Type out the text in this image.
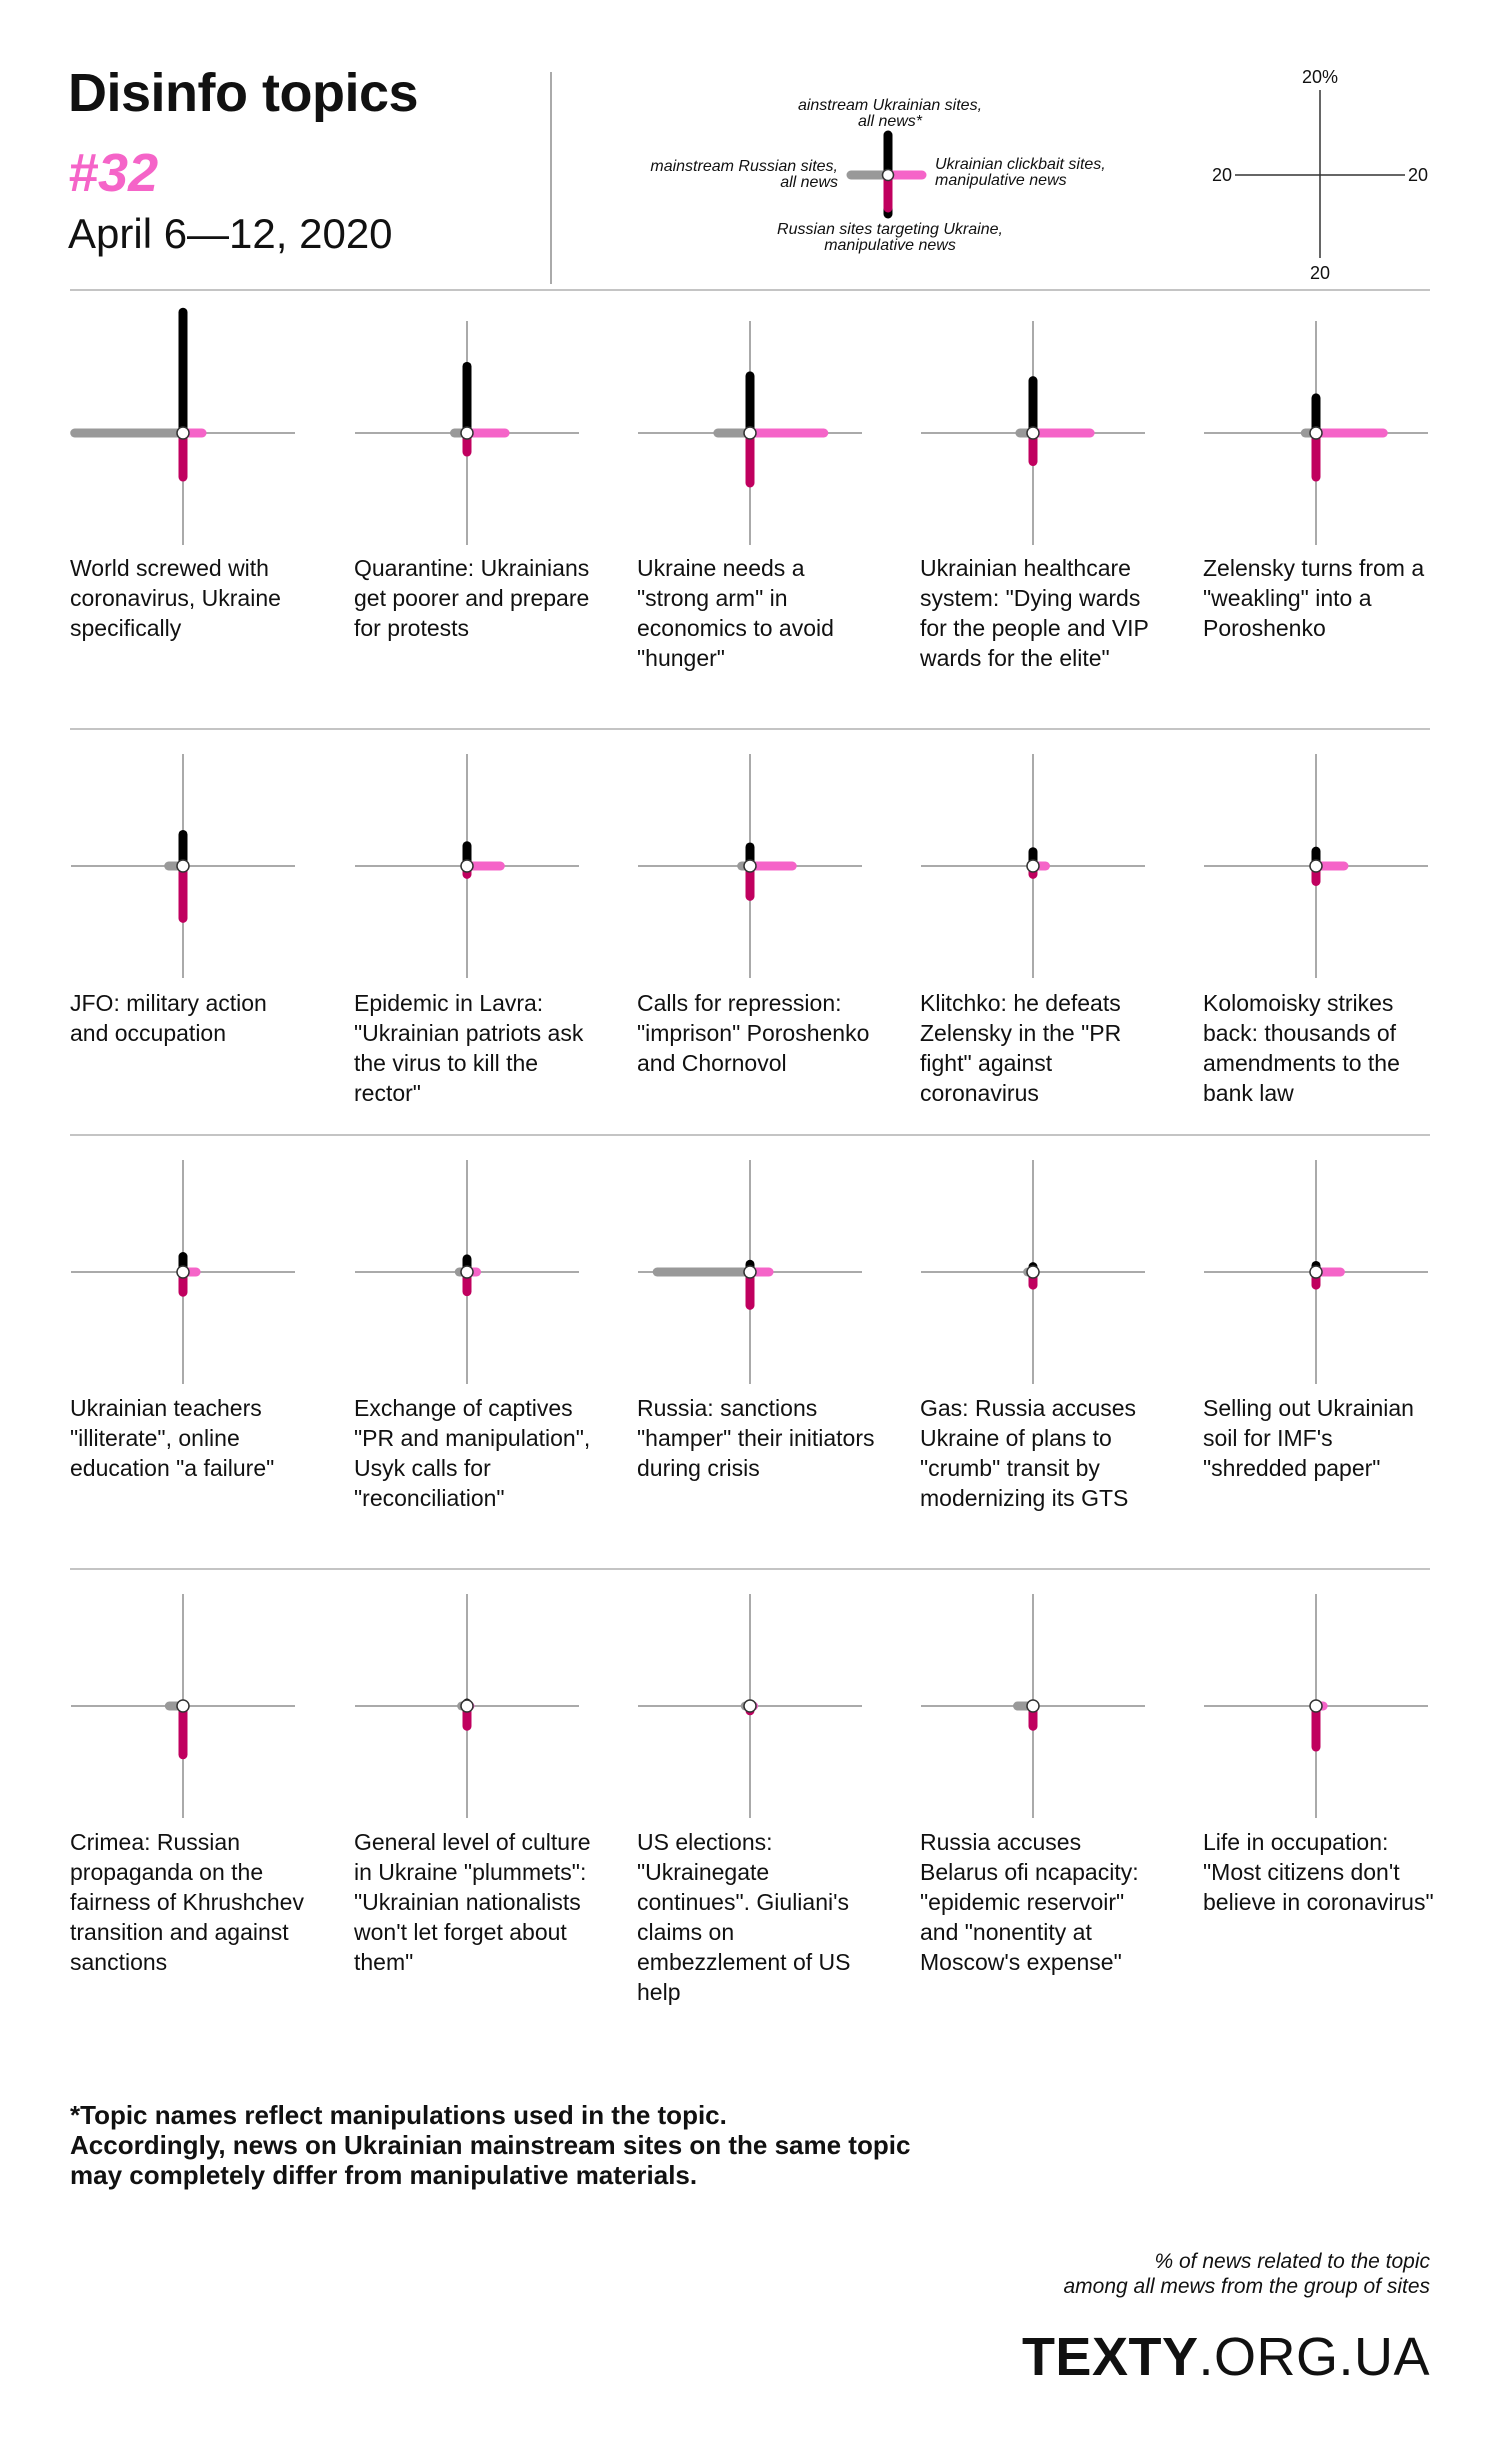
Disinfo topics
#32
April 6—12, 2020
ainstream Ukrainian sites,
all news*
mainstream Russian sites,
all news
Ukrainian clickbait sites,
manipulative news
Russian sites targeting Ukraine,
manipulative news
20%
20	20
20
World screwed with coronavirus, Ukraine specifically
Quarantine: Ukrainians get poorer and prepare for protests
Ukraine needs a "strong arm" in economics to avoid "hunger"
Ukrainian healthcare system: "Dying wards for the people and VIP wards for the elite"
Zelensky turns from a "weakling" into a Poroshenko
JFO: military action and occupation
Epidemic in Lavra: "Ukrainian patriots ask the virus to kill the rector"
Calls for repression: "imprison" Poroshenko and Chornovol
Klitchko: he defeats Zelensky in the "PR fight" against coronavirus
Kolomoisky strikes back: thousands of amendments to the bank law
Ukrainian teachers "illiterate", online education "a failure"
Exchange of captives "PR and manipulation", Usyk calls for "reconciliation"
Russia: sanctions "hamper" their initiators during crisis
Gas: Russia accuses Ukraine of plans to "crumb" transit by modernizing its GTS
Selling out Ukrainian soil for IMF's "shredded paper"
Crimea: Russian propaganda on the fairness of Khrushchev transition and against sanctions
General level of culture in Ukraine "plummets": "Ukrainian nationalists won't let forget about them"
US elections: "Ukrainegate continues". Giuliani's claims on embezzlement of US help
Russia accuses Belarus ofi ncapacity: "epidemic reservoir" and "nonentity at Moscow's expense"
Life in occupation: "Most citizens don't believe in coronavirus"
*Topic names reflect manipulations used in the topic.
Accordingly, news on Ukrainian mainstream sites on the same topic
may completely differ from manipulative materials.
% of news related to the topic
among all mews from the group of sites
TEXTY.ORG.UA
